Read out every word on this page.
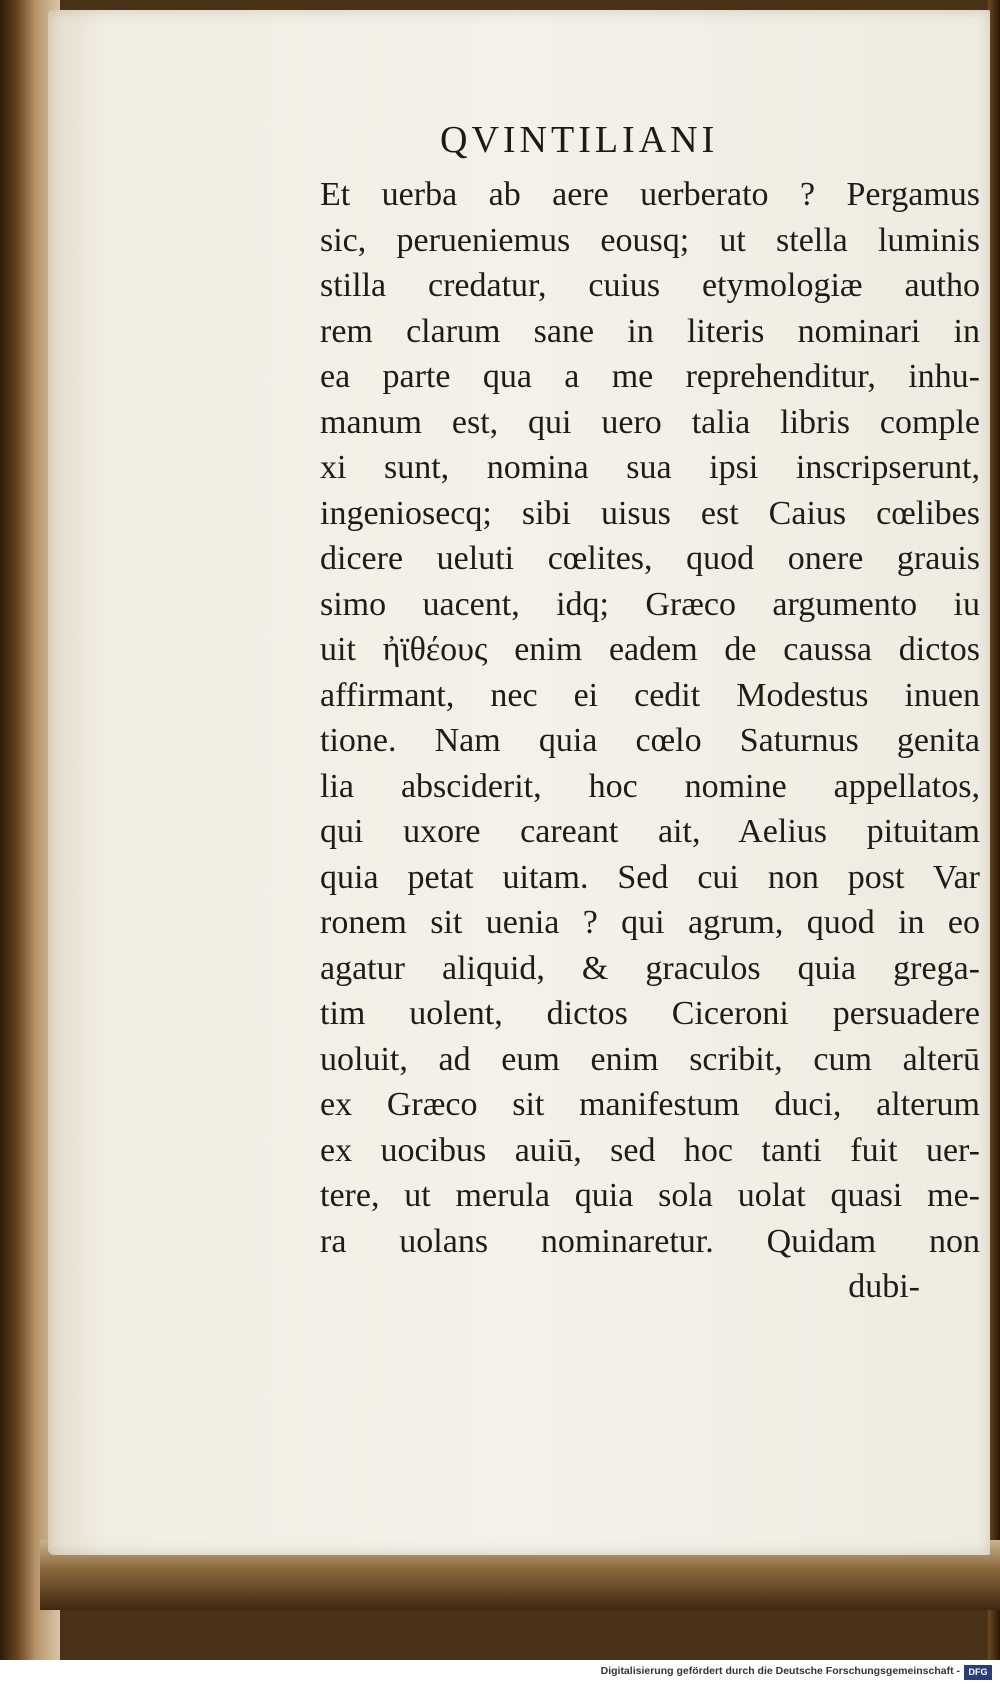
QVINTILIANI
Et uerba ab aere uerberato ? Pergamus
sic, perueniemus eousq; ut stella luminis
stilla credatur, cuius etymologiæ autho
rem clarum sane in literis nominari in
ea parte qua a me reprehenditur, inhu-
manum est, qui uero talia libris comple
xi sunt, nomina sua ipsi inscripserunt,
ingeniosecq; sibi uisus est Caius cœlibes
dicere ueluti cœlites, quod onere grauis
simo uacent, idq; Græco argumento iu
uit ἠϊθέους enim eadem de caussa dictos
affirmant, nec ei cedit Modestus inuen
tione. Nam quia cœlo Saturnus genita
lia absciderit, hoc nomine appellatos,
qui uxore careant ait, Aelius pituitam
quia petat uitam. Sed cui non post Var
ronem sit uenia ? qui agrum, quod in eo
agatur aliquid, & graculos quia grega-
tim uolent, dictos Ciceroni persuadere
uoluit, ad eum enim scribit, cum alterū
ex Græco sit manifestum duci, alterum
ex uocibus auiū, sed hoc tanti fuit uer-
tere, ut merula quia sola uolat quasi me-
ra uolans nominaretur. Quidam non
dubi-
Digitalisierung gefördert durch die Deutsche Forschungsgemeinschaft - DFG
